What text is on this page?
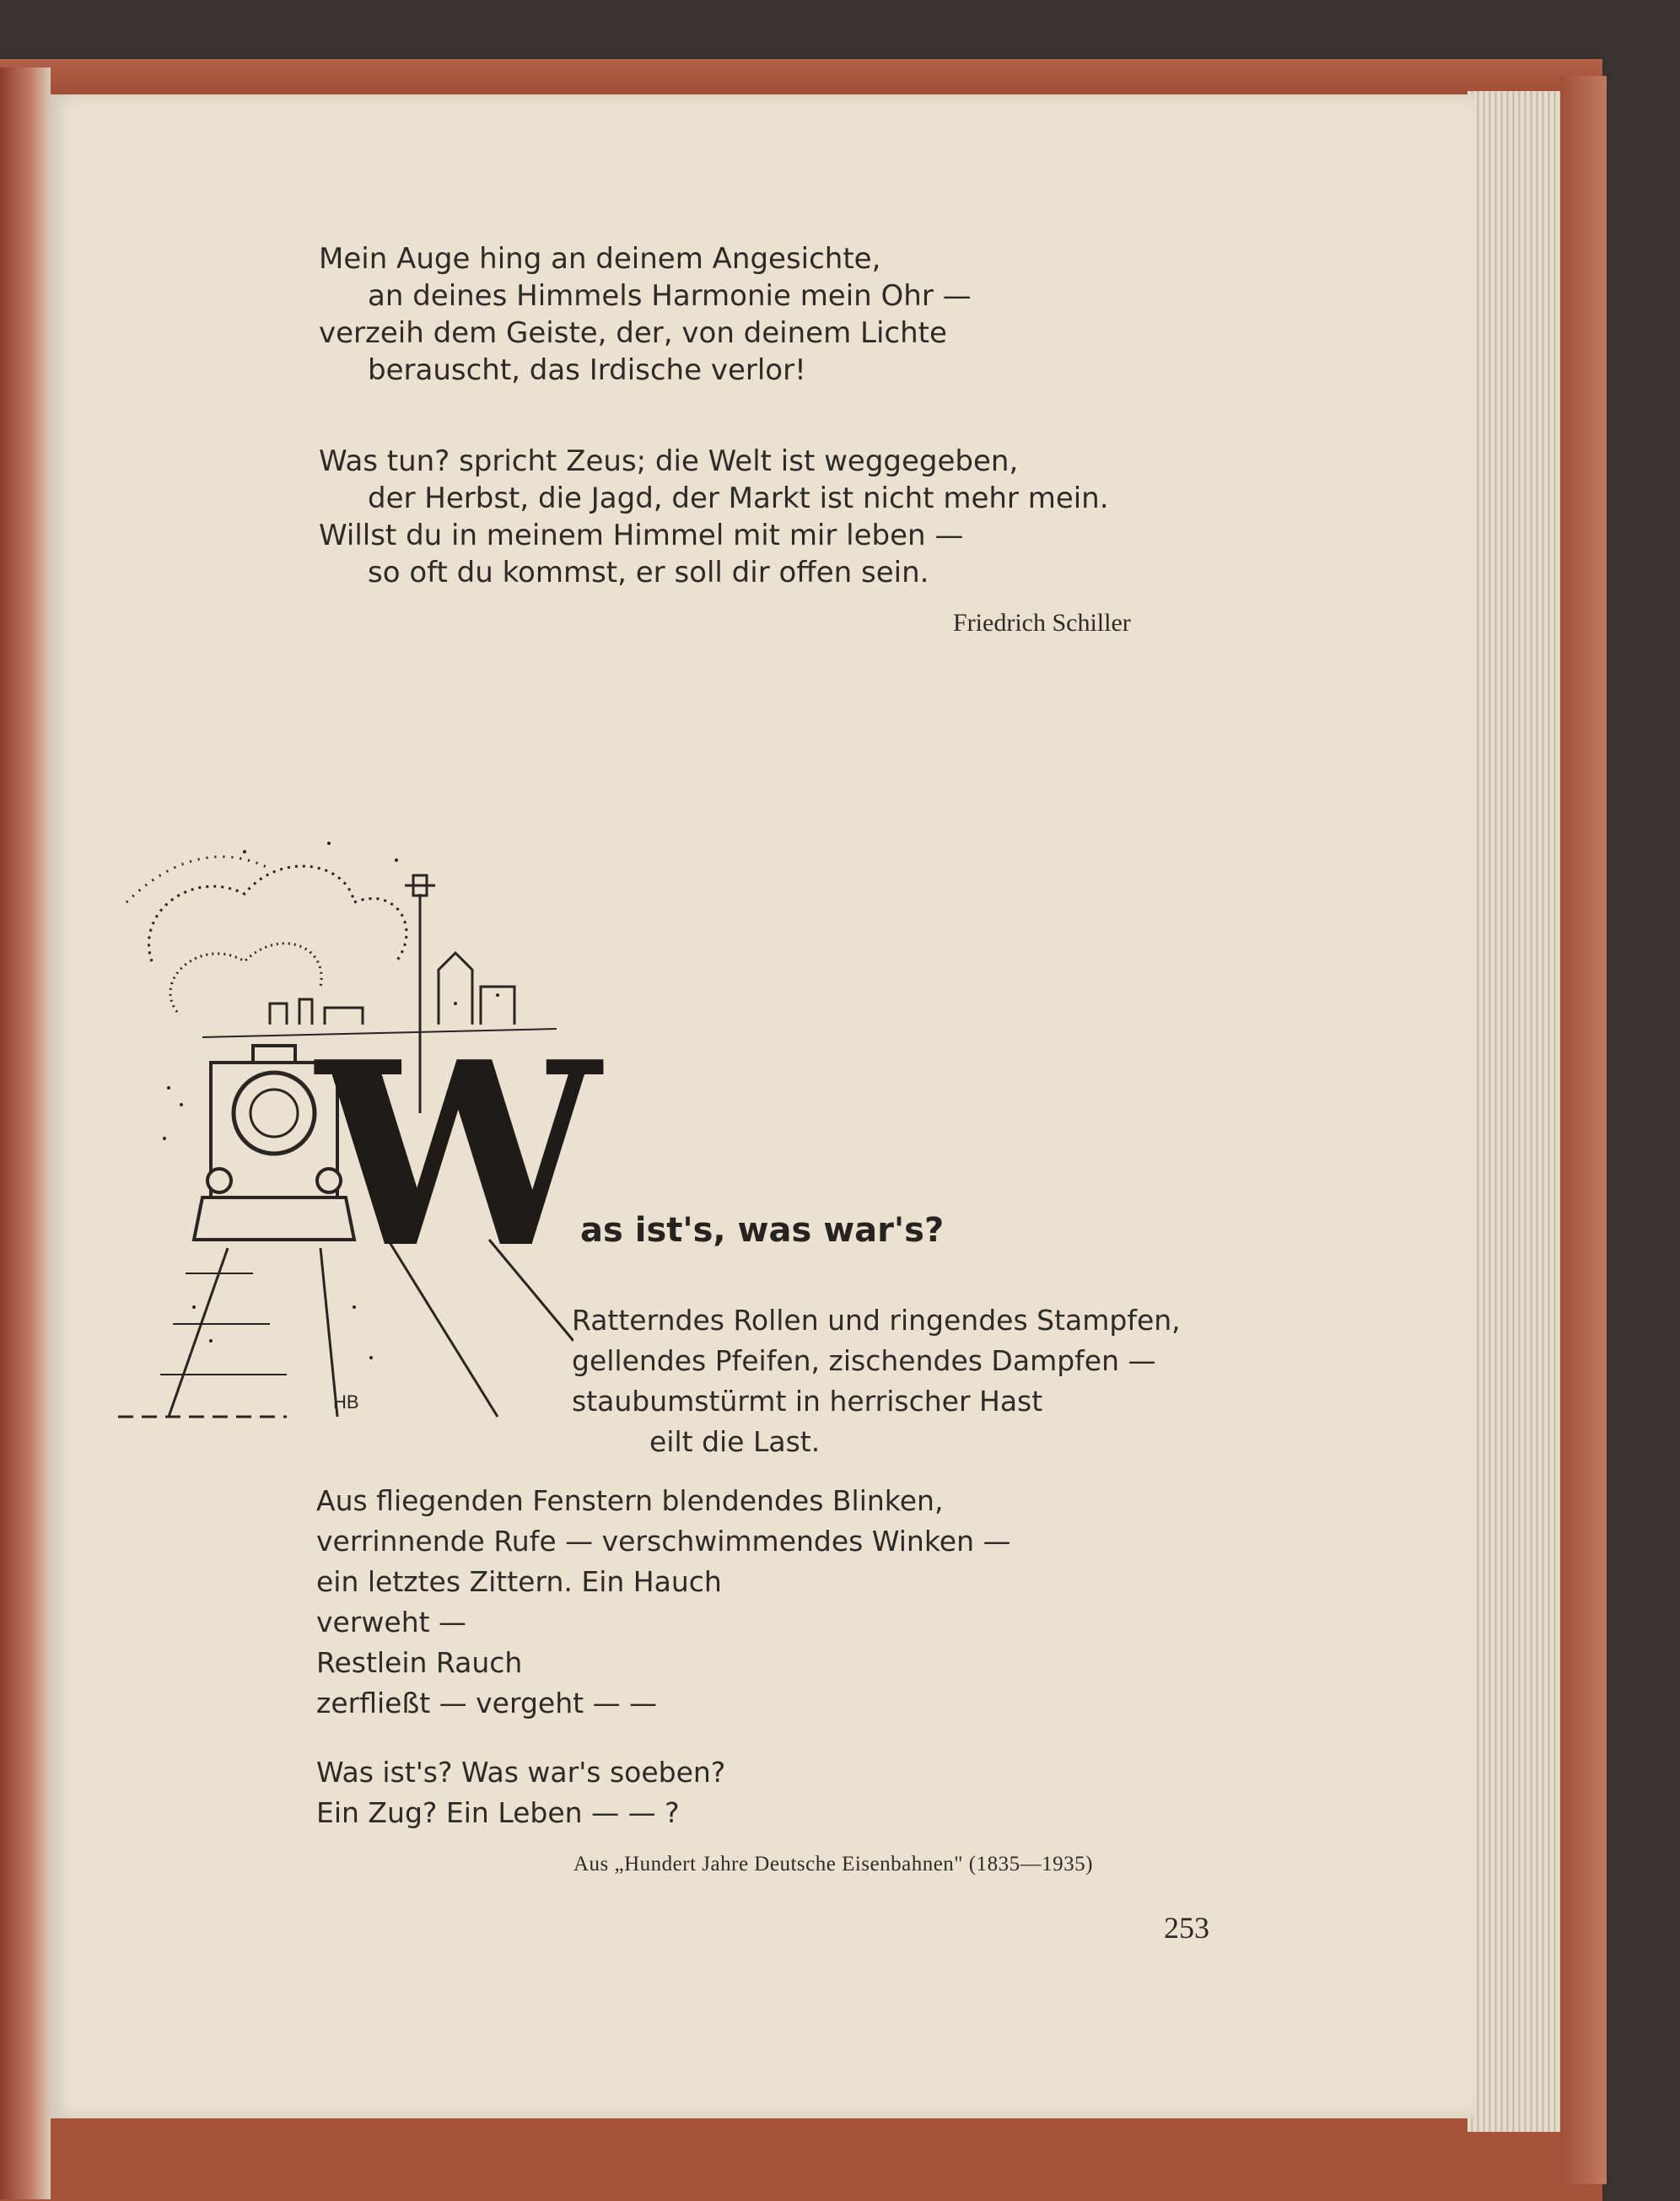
Mein Auge hing an deinem Angesichte,

an deines Himmels Harmonie mein Ohr —

verzeih dem Geiste, der, von deinem Lichte

berauscht, das Irdische verlor!

Was tun? spricht Zeus; die Welt ist weggegeben,

der Herbst, die Jagd, der Markt ist nicht mehr mein.

Willst du in meinem Himmel mit mir leben —

so oft du kommst, er soll dir offen sein.

Friedrich Schiller
HB
W
as ist's, was war's?

Ratterndes Rollen und ringendes Stampfen,

gellendes Pfeifen, zischendes Dampfen —

staubumstürmt in herrischer Hast

eilt die Last.

Aus fliegenden Fenstern blendendes Blinken,

verrinnende Rufe — verschwimmendes Winken —

ein letztes Zittern. Ein Hauch

verweht —

Restlein Rauch

zerfließt — vergeht — —

Was ist's? Was war's soeben?

Ein Zug? Ein Leben — — ?

Aus „Hundert Jahre Deutsche Eisenbahnen" (1835—1935)
253
